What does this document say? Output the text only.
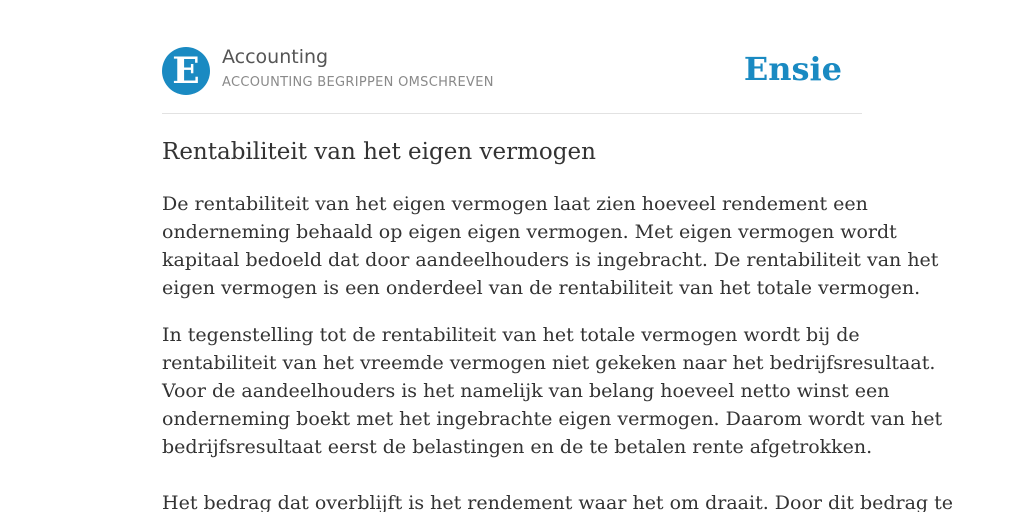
E	Accounting
ACCOUNTING BEGRIPPEN OMSCHREVEN	Ensie
Rentabiliteit van het eigen vermogen

De rentabiliteit van het eigen vermogen laat zien hoeveel rendement een
onderneming behaald op eigen eigen vermogen. Met eigen vermogen wordt
kapitaal bedoeld dat door aandeelhouders is ingebracht. De rentabiliteit van het
eigen vermogen is een onderdeel van de rentabiliteit van het totale vermogen.

In tegenstelling tot de rentabiliteit van het totale vermogen wordt bij de
rentabiliteit van het vreemde vermogen niet gekeken naar het bedrijfsresultaat.
Voor de aandeelhouders is het namelijk van belang hoeveel netto winst een
onderneming boekt met het ingebrachte eigen vermogen. Daarom wordt van het
bedrijfsresultaat eerst de belastingen en de te betalen rente afgetrokken.

Het bedrag dat overblijft is het rendement waar het om draait. Door dit bedrag te
